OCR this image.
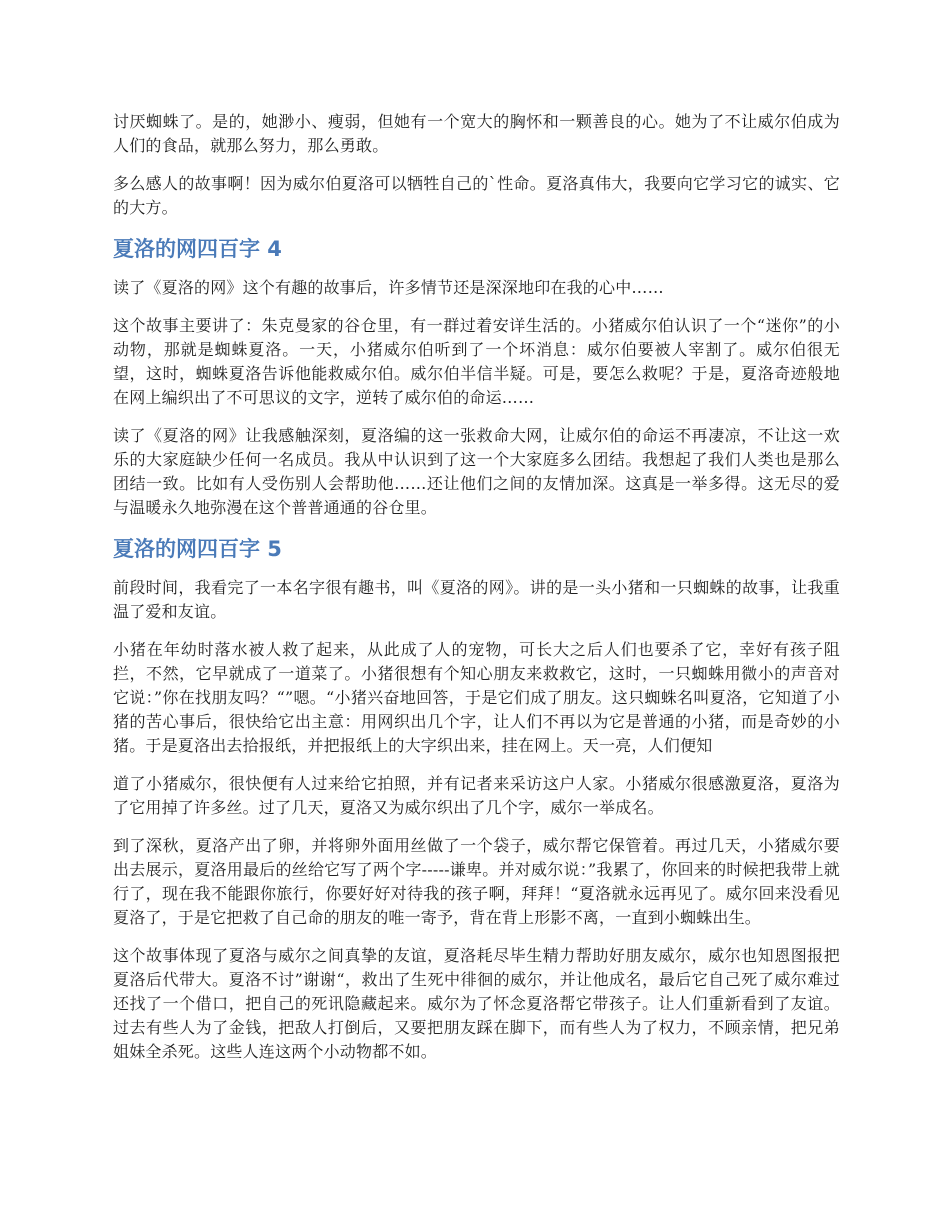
讨厌蜘蛛了。是的，她渺小、瘦弱，但她有一个宽大的胸怀和一颗善良的心。她为了不让威尔伯成为人们的食品，就那么努力，那么勇敢。

多么感人的故事啊！因为威尔伯夏洛可以牺牲自己的`性命。夏洛真伟大，我要向它学习它的诚实、它的大方。

夏洛的网四百字 4

读了《夏洛的网》这个有趣的故事后，许多情节还是深深地印在我的心中……

这个故事主要讲了：朱克曼家的谷仓里，有一群过着安详生活的。小猪威尔伯认识了一个“迷你”的小动物，那就是蜘蛛夏洛。一天，小猪威尔伯听到了一个坏消息：威尔伯要被人宰割了。威尔伯很无望，这时，蜘蛛夏洛告诉他能救威尔伯。威尔伯半信半疑。可是，要怎么救呢？于是，夏洛奇迹般地在网上编织出了不可思议的文字，逆转了威尔伯的命运……

读了《夏洛的网》让我感触深刻，夏洛编的这一张救命大网，让威尔伯的命运不再凄凉，不让这一欢乐的大家庭缺少任何一名成员。我从中认识到了这一个大家庭多么团结。我想起了我们人类也是那么团结一致。比如有人受伤别人会帮助他……还让他们之间的友情加深。这真是一举多得。这无尽的爱与温暖永久地弥漫在这个普普通通的谷仓里。

夏洛的网四百字 5

前段时间，我看完了一本名字很有趣书，叫《夏洛的网》。讲的是一头小猪和一只蜘蛛的故事，让我重温了爱和友谊。

小猪在年幼时落水被人救了起来，从此成了人的宠物，可长大之后人们也要杀了它，幸好有孩子阻拦，不然，它早就成了一道菜了。小猪很想有个知心朋友来救救它，这时，一只蜘蛛用微小的声音对它说：”你在找朋友吗？“”嗯。“小猪兴奋地回答，于是它们成了朋友。这只蜘蛛名叫夏洛，它知道了小猪的苦心事后，很快给它出主意：用网织出几个字，让人们不再以为它是普通的小猪，而是奇妙的小猪。于是夏洛出去拾报纸，并把报纸上的大字织出来，挂在网上。天一亮，人们便知

道了小猪威尔，很快便有人过来给它拍照，并有记者来采访这户人家。小猪威尔很感激夏洛，夏洛为了它用掉了许多丝。过了几天，夏洛又为威尔织出了几个字，威尔一举成名。

到了深秋，夏洛产出了卵，并将卵外面用丝做了一个袋子，威尔帮它保管着。再过几天，小猪威尔要出去展示，夏洛用最后的丝给它写了两个字-----谦卑。并对威尔说：”我累了，你回来的时候把我带上就行了，现在我不能跟你旅行，你要好好对待我的孩子啊，拜拜！“夏洛就永远再见了。威尔回来没看见夏洛了，于是它把救了自己命的朋友的唯一寄予，背在背上形影不离，一直到小蜘蛛出生。

这个故事体现了夏洛与威尔之间真挚的友谊，夏洛耗尽毕生精力帮助好朋友威尔，威尔也知恩图报把夏洛后代带大。夏洛不讨”谢谢“，救出了生死中徘徊的威尔，并让他成名，最后它自己死了威尔难过还找了一个借口，把自己的死讯隐藏起来。威尔为了怀念夏洛帮它带孩子。让人们重新看到了友谊。过去有些人为了金钱，把敌人打倒后，又要把朋友踩在脚下，而有些人为了权力，不顾亲情，把兄弟姐妹全杀死。这些人连这两个小动物都不如。
